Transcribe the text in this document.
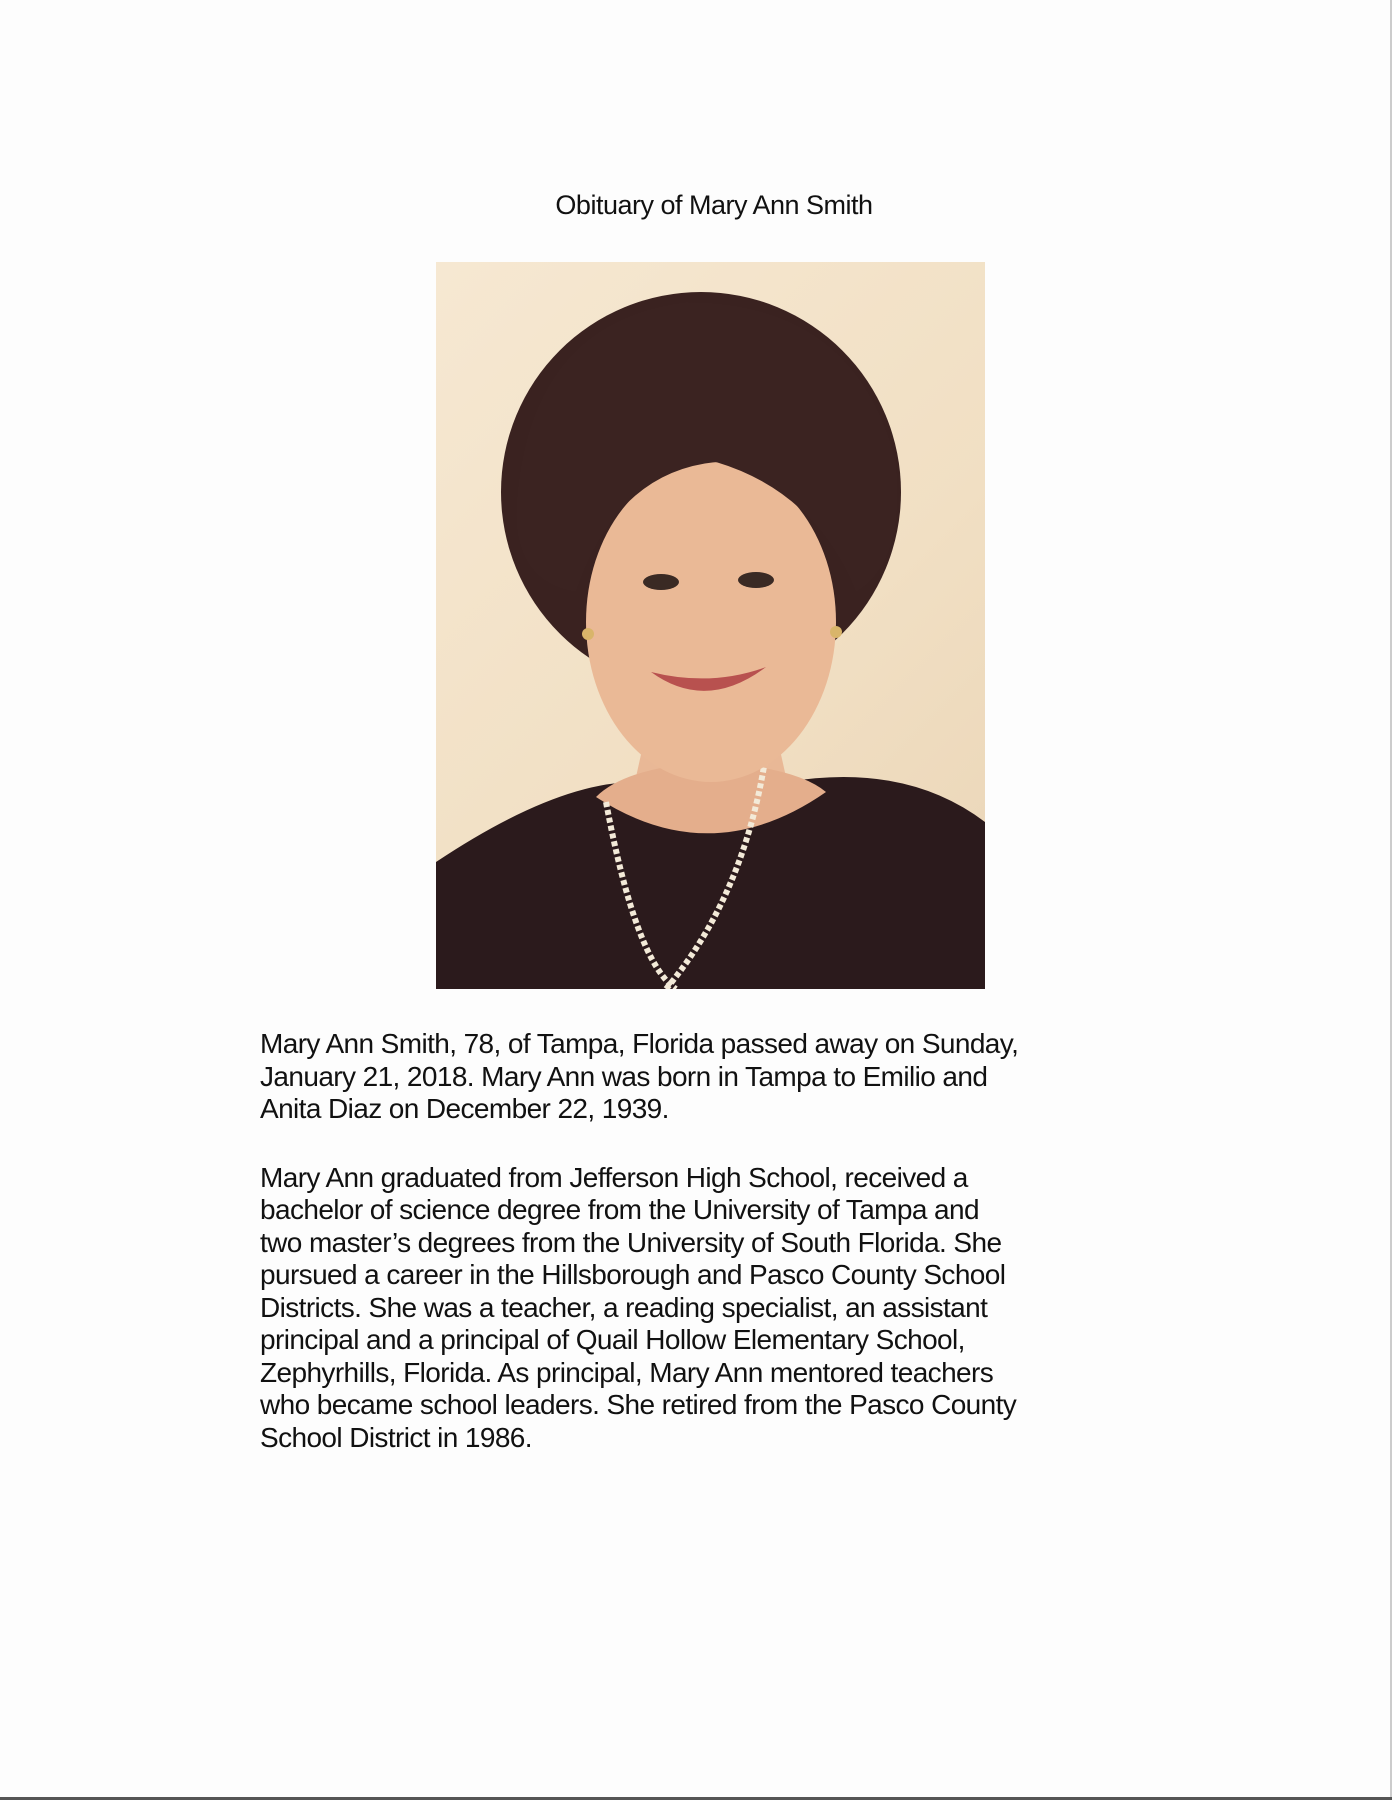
Obituary of Mary Ann Smith
Mary Ann Smith, 78, of Tampa, Florida passed away on Sunday,
January 21, 2018. Mary Ann was born in Tampa to Emilio and
Anita Diaz on December 22, 1939.
Mary Ann graduated from Jefferson High School, received a
bachelor of science degree from the University of Tampa and
two master’s degrees from the University of South Florida. She
pursued a career in the Hillsborough and Pasco County School
Districts. She was a teacher, a reading specialist, an assistant
principal and a principal of Quail Hollow Elementary School,
Zephyrhills, Florida. As principal, Mary Ann mentored teachers
who became school leaders. She retired from the Pasco County
School District in 1986.
